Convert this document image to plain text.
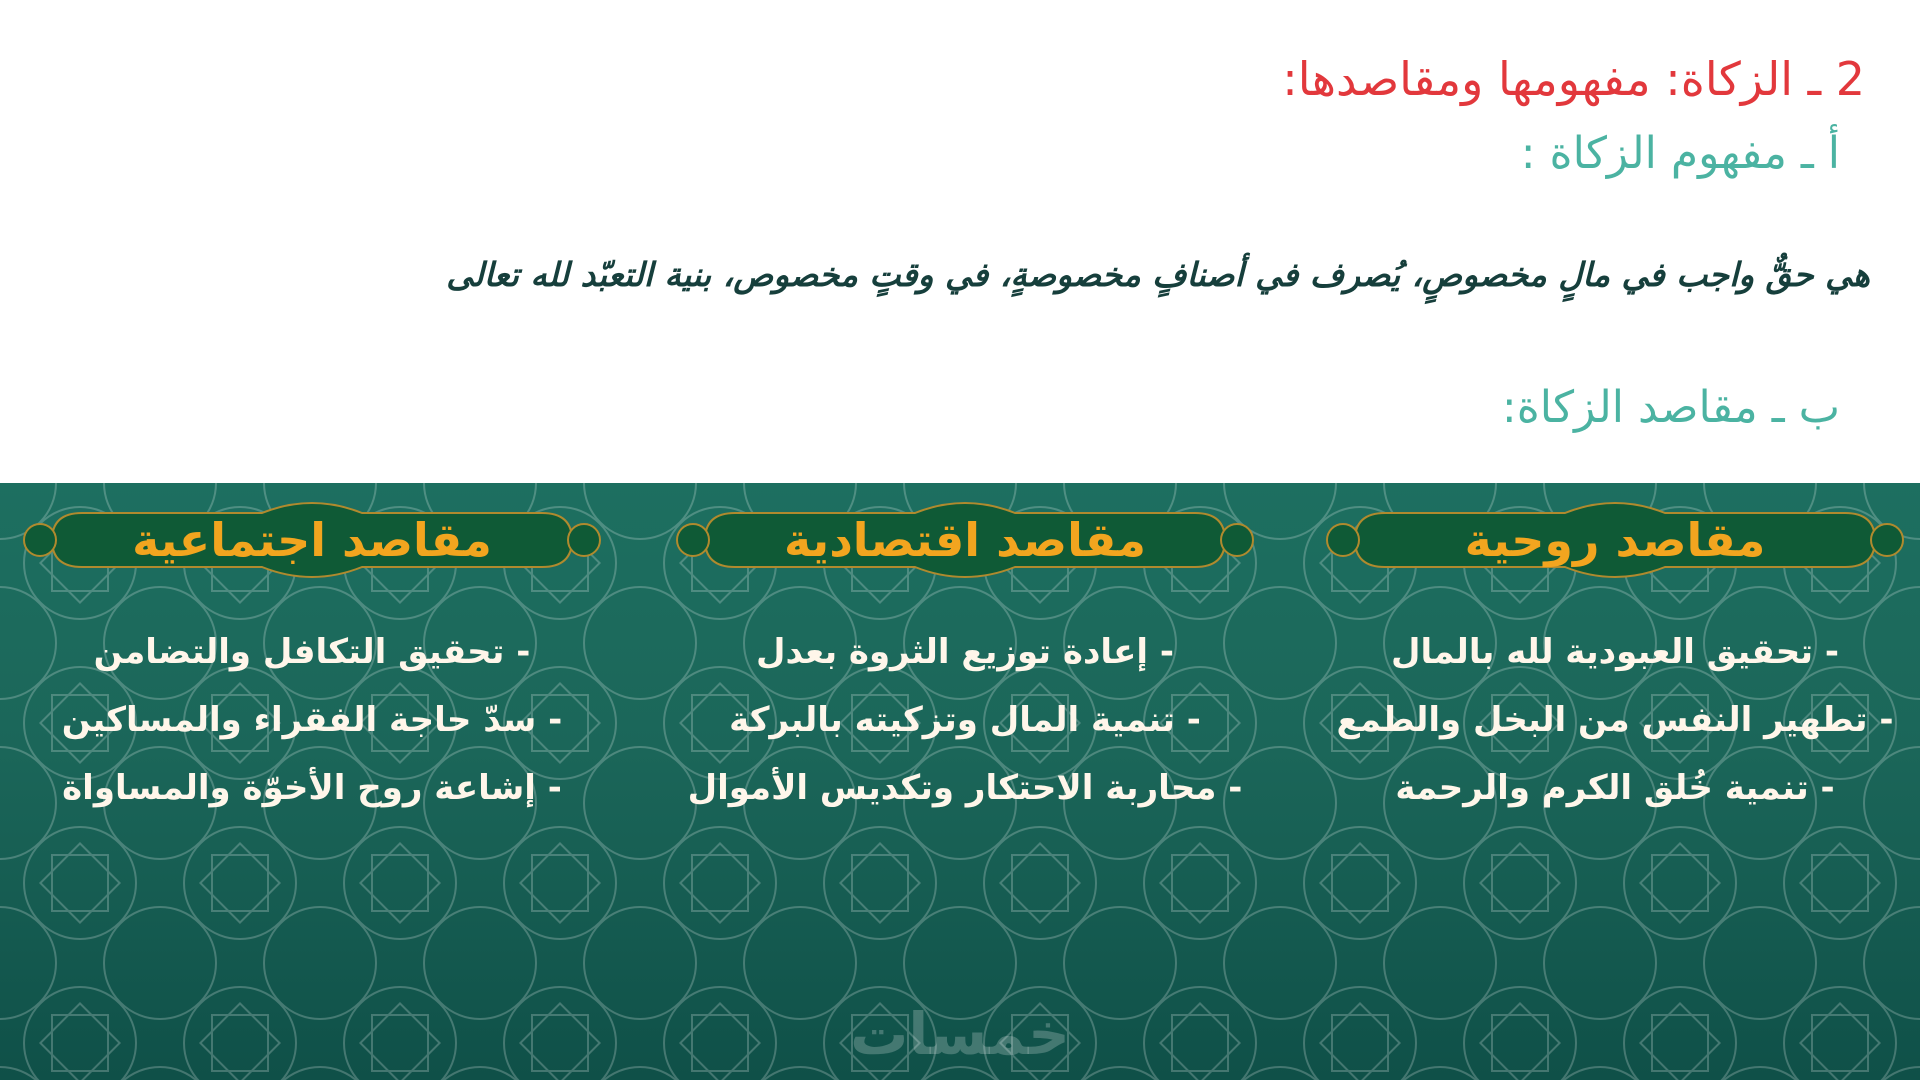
2 ـ الزكاة: مفهومها ومقاصدها:
أ ـ مفهوم الزكاة :
هي حقٌّ واجب في مالٍ مخصوصٍ، يُصرف في أصنافٍ مخصوصةٍ، في وقتٍ مخصوص، بنية التعبّد لله تعالى
ب ـ مقاصد الزكاة:
مقاصد روحية
- تحقيق العبودية لله بالمال
- تطهير النفس من البخل والطمع
- تنمية خُلق الكرم والرحمة
مقاصد اقتصادية
- إعادة توزيع الثروة بعدل
- تنمية المال وتزكيته بالبركة
- محاربة الاحتكار وتكديس الأموال
مقاصد اجتماعية
- تحقيق التكافل والتضامن
- سدّ حاجة الفقراء والمساكين
- إشاعة روح الأخوّة والمساواة
خمسات
